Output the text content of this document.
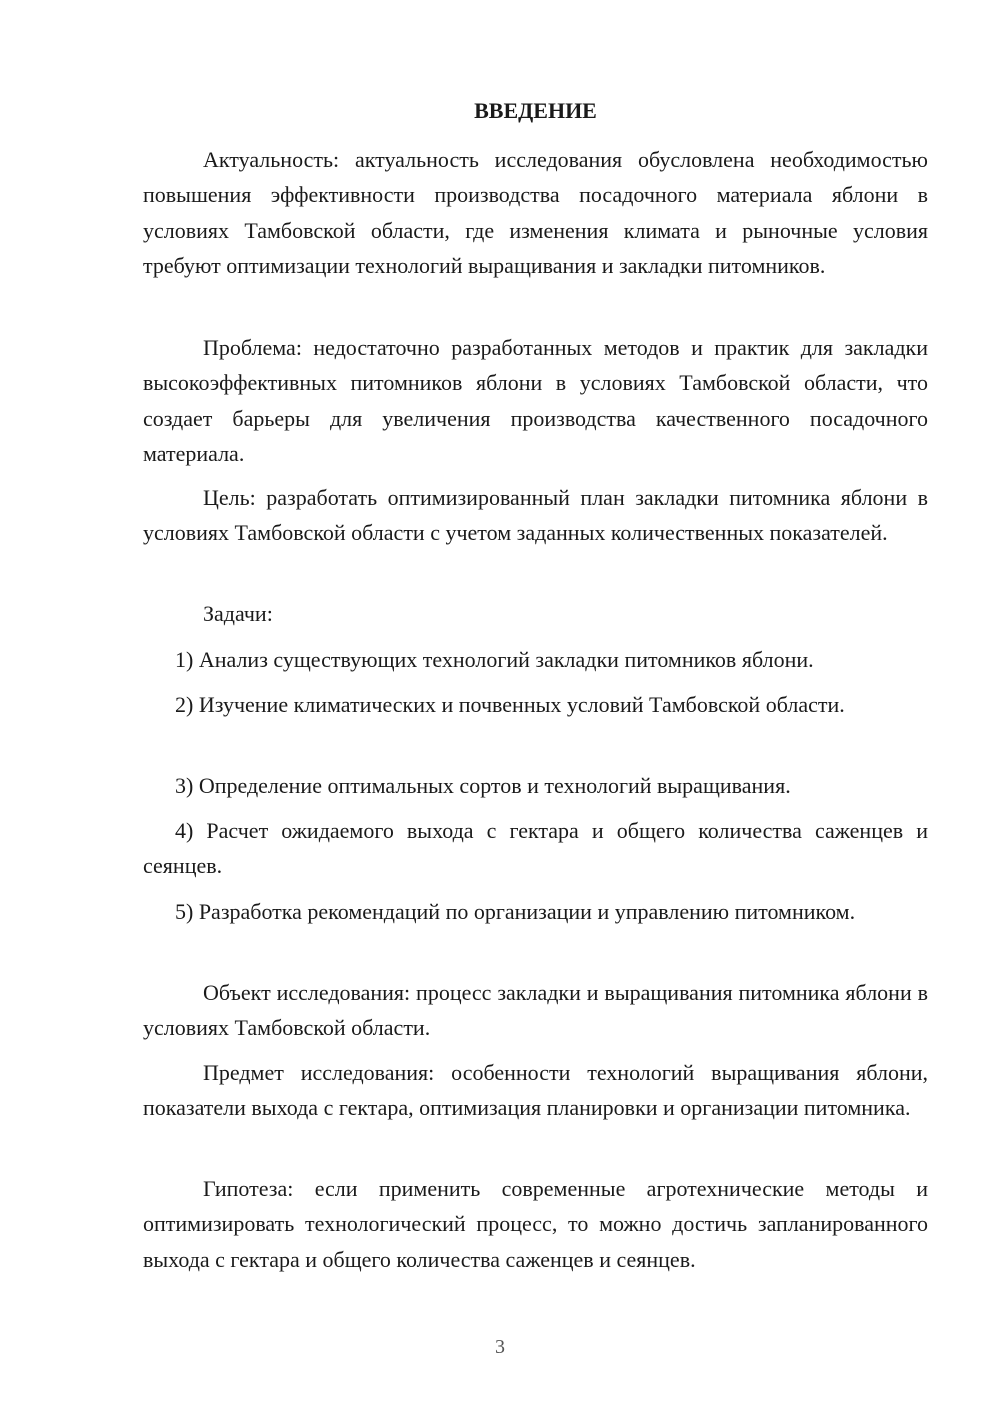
ВВЕДЕНИЕ

Актуальность: актуальность исследования обусловлена необходимостью повышения эффективности производства посадочного материала яблони в условиях Тамбовской области, где изменения климата и рыночные условия требуют оптимизации технологий выращивания и закладки питомников.

Проблема: недостаточно разработанных методов и практик для закладки высокоэффективных питомников яблони в условиях Тамбовской области, что создает барьеры для увеличения производства качественного посадочного материала.

Цель: разработать оптимизированный план закладки питомника яблони в условиях Тамбовской области с учетом заданных количественных показателей.

Задачи:

1) Анализ существующих технологий закладки питомников яблони.

2) Изучение климатических и почвенных условий Тамбовской области.

3) Определение оптимальных сортов и технологий выращивания.

4) Расчет ожидаемого выхода с гектара и общего количества саженцев и сеянцев.

5) Разработка рекомендаций по организации и управлению питомником.

Объект исследования: процесс закладки и выращивания питомника яблони в условиях Тамбовской области.

Предмет исследования: особенности технологий выращивания яблони, показатели выхода с гектара, оптимизация планировки и организации питомника.

Гипотеза: если применить современные агротехнические методы и оптимизировать технологический процесс, то можно достичь запланированного выхода с гектара и общего количества саженцев и сеянцев.

3
